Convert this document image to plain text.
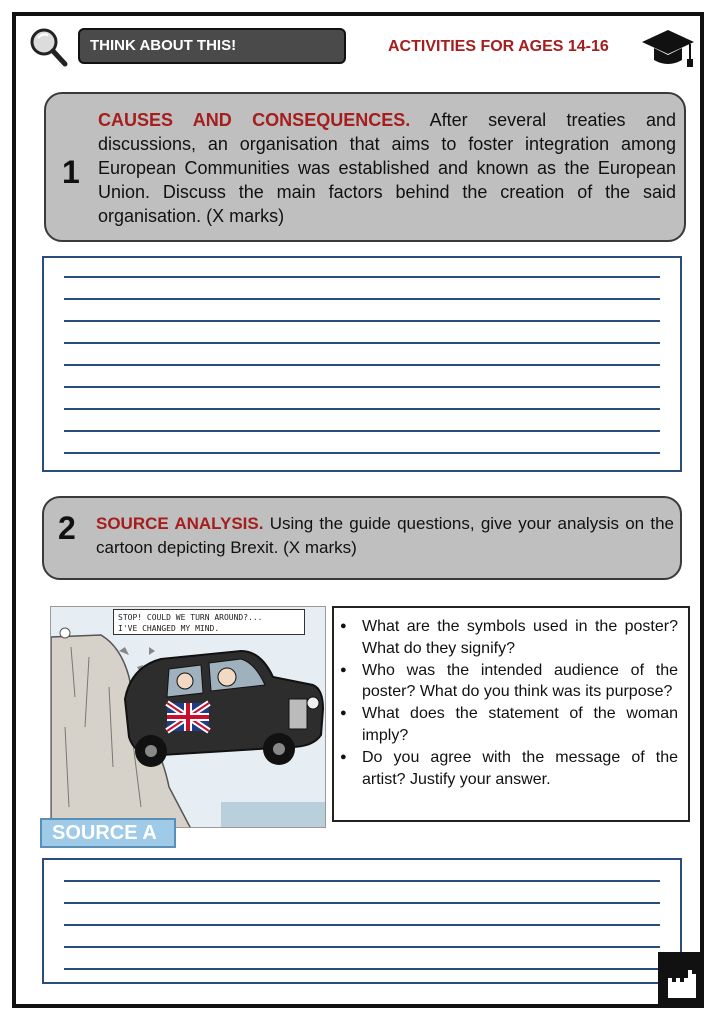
THINK ABOUT THIS!	ACTIVITIES FOR AGES 14-16
1
CAUSES AND CONSEQUENCES. After several treaties and discussions, an organisation that aims to foster integration among European Communities was established and known as the European Union. Discuss the main factors behind the creation of the said organisation. (X marks)
2 SOURCE ANALYSIS. Using the guide questions, give your analysis on the cartoon depicting Brexit. (X marks)
STOP! COULD WE TURN AROUND?...
I'VE CHANGED MY MIND.
SOURCE A
● What are the symbols used in the poster? What do they signify?
● Who was the intended audience of the poster? What do you think was its purpose?
● What does the statement of the woman imply?
● Do you agree with the message of the artist? Justify your answer.
